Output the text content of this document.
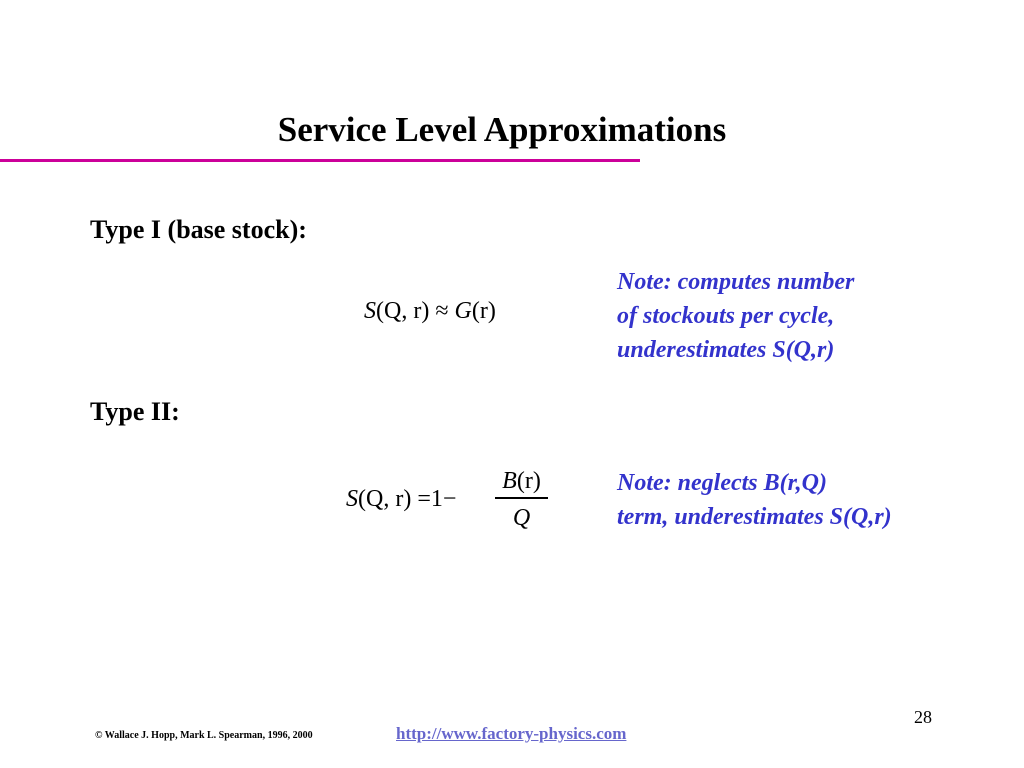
Service Level Approximations
Type I (base stock):
S(Q, r) ≈ G(r)
Note: computes number
of stockouts per cycle,
underestimates S(Q,r)
Type II:
S(Q, r) =1−
B(r)
Q
Note: neglects B(r,Q)
term, underestimates S(Q,r)
28
© Wallace J. Hopp, Mark L. Spearman, 1996, 2000	http://www.factory-physics.com
